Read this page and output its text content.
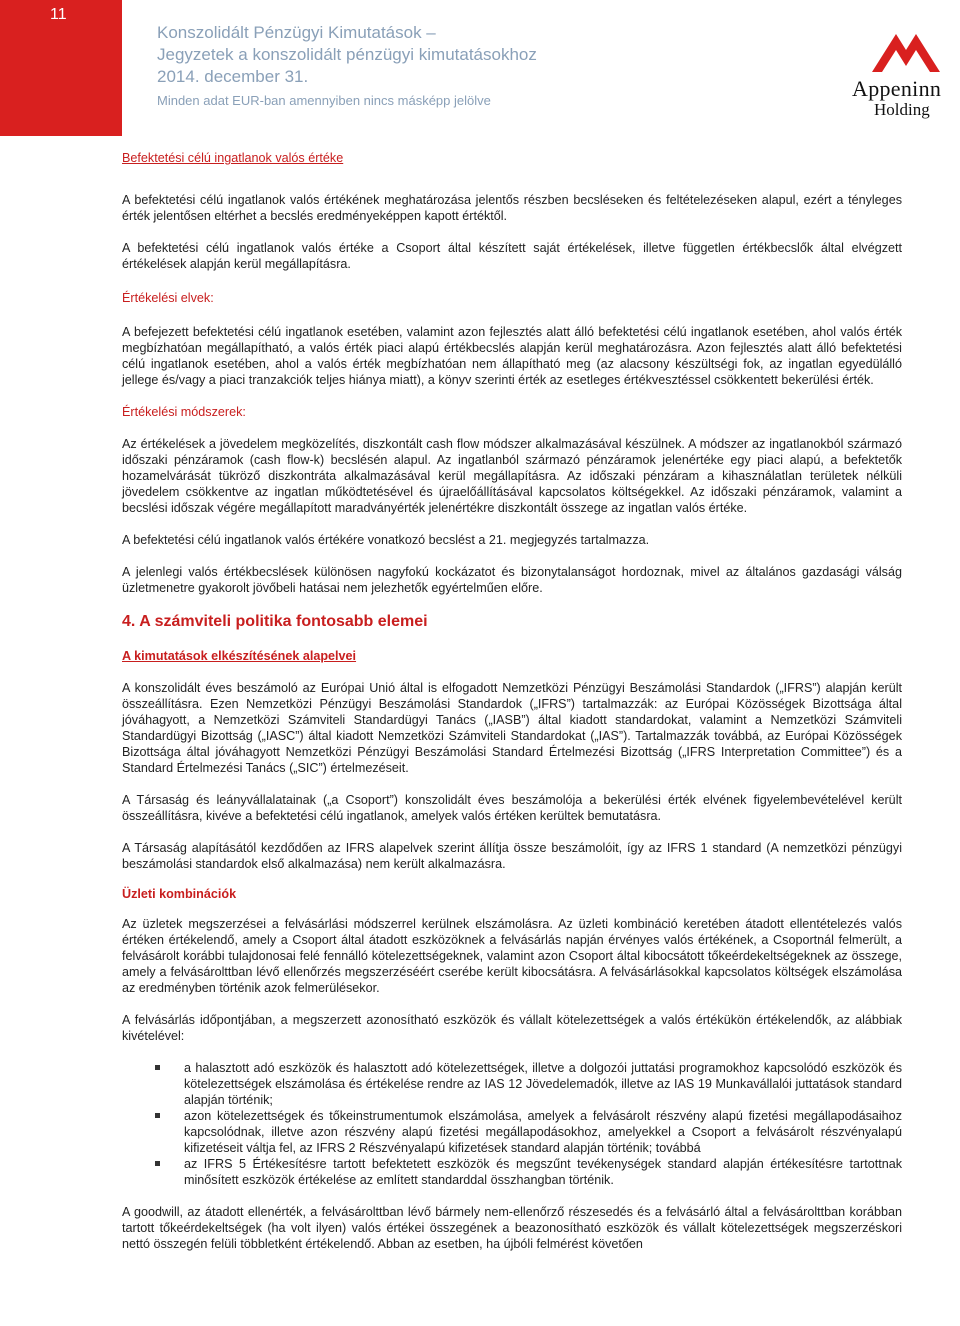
11
Konszolidált Pénzügyi Kimutatások –
Jegyzetek a konszolidált pénzügyi kimutatásokhoz
2014. december 31.
Minden adat EUR-ban amennyiben nincs másképp jelölve	Appeninn
Holding

Befektetési célú ingatlanok valós értéke

A befektetési célú ingatlanok valós értékének meghatározása jelentős részben becsléseken és feltételezéseken alapul, ezért a tényleges érték jelentősen eltérhet a becslés eredményeképpen kapott értéktől.

A befektetési célú ingatlanok valós értéke a Csoport által készített saját értékelések, illetve független értékbecslők által elvégzett értékelések alapján kerül megállapításra.

Értékelési elvek:

A befejezett befektetési célú ingatlanok esetében, valamint azon fejlesztés alatt álló befektetési célú ingatlanok esetében, ahol valós érték megbízhatóan megállapítható, a valós érték piaci alapú értékbecslés alapján kerül meghatározásra. Azon fejlesztés alatt álló befektetési célú ingatlanok esetében, ahol a valós érték megbízhatóan nem állapítható meg (az alacsony készültségi fok, az ingatlan egyedülálló jellege és/vagy a piaci tranzakciók teljes hiánya miatt), a könyv szerinti érték az esetleges értékvesztéssel csökkentett bekerülési érték.

Értékelési módszerek:

Az értékelések a jövedelem megközelítés, diszkontált cash flow módszer alkalmazásával készülnek. A módszer az ingatlanokból származó időszaki pénzáramok (cash flow-k) becslésén alapul. Az ingatlanból származó pénzáramok jelenértéke egy piaci alapú, a befektetők hozamelvárását tükröző diszkontráta alkalmazásával kerül megállapításra. Az időszaki pénzáram a kihasználatlan területek nélküli jövedelem csökkentve az ingatlan működtetésével és újraelőállításával kapcsolatos költségekkel. Az időszaki pénzáramok, valamint a becslési időszak végére megállapított maradványérték jelenértékre diszkontált összege az ingatlan valós értéke.

A befektetési célú ingatlanok valós értékére vonatkozó becslést a 21. megjegyzés tartalmazza.

A jelenlegi valós értékbecslések különösen nagyfokú kockázatot és bizonytalanságot hordoznak, mivel az általános gazdasági válság üzletmenetre gyakorolt jövőbeli hatásai nem jelezhetők egyértelműen előre.

4. A számviteli politika fontosabb elemei

A kimutatások elkészítésének alapelvei

A konszolidált éves beszámoló az Európai Unió által is elfogadott Nemzetközi Pénzügyi Beszámolási Standardok („IFRS”) alapján került összeállításra. Ezen Nemzetközi Pénzügyi Beszámolási Standardok („IFRS”) tartalmazzák: az Európai Közösségek Bizottsága által jóváhagyott, a Nemzetközi Számviteli Standardügyi Tanács („IASB”) által kiadott standardokat, valamint a Nemzetközi Számviteli Standardügyi Bizottság („IASC”) által kiadott Nemzetközi Számviteli Standardokat („IAS”). Tartalmazzák továbbá, az Európai Közösségek Bizottsága által jóváhagyott Nemzetközi Pénzügyi Beszámolási Standard Értelmezési Bizottság („IFRS Interpretation Committee”) és a Standard Értelmezési Tanács („SIC”) értelmezéseit.

A Társaság és leányvállalatainak („a Csoport”) konszolidált éves beszámolója a bekerülési érték elvének figyelembevételével került összeállításra, kivéve a befektetési célú ingatlanok, amelyek valós értéken kerültek bemutatásra.

A Társaság alapításától kezdődően az IFRS alapelvek szerint állítja össze beszámolóit, így az IFRS 1 standard (A nemzetközi pénzügyi beszámolási standardok első alkalmazása) nem került alkalmazásra.

Üzleti kombinációk

Az üzletek megszerzései a felvásárlási módszerrel kerülnek elszámolásra. Az üzleti kombináció keretében átadott ellentételezés valós értéken értékelendő, amely a Csoport által átadott eszközöknek a felvásárlás napján érvényes valós értékének, a Csoportnál felmerült, a felvásárolt korábbi tulajdonosai felé fennálló kötelezettségeknek, valamint azon Csoport által kibocsátott tőkeérdekeltségeknek az összege, amely a felvásárolttban lévő ellenőrzés megszerzéséért cserébe került kibocsátásra. A felvásárlásokkal kapcsolatos költségek elszámolása az eredményben történik azok felmerülésekor.

A felvásárlás időpontjában, a megszerzett azonosítható eszközök és vállalt kötelezettségek a valós értékükön értékelendők, az alábbiak kivételével:

a halasztott adó eszközök és halasztott adó kötelezettségek, illetve a dolgozói juttatási programokhoz kapcsolódó eszközök és kötelezettségek elszámolása és értékelése rendre az IAS 12 Jövedelemadók, illetve az IAS 19 Munkavállalói juttatások standard alapján történik;
azon kötelezettségek és tőkeinstrumentumok elszámolása, amelyek a felvásárolt részvény alapú fizetési megállapodásaihoz kapcsolódnak, illetve azon részvény alapú fizetési megállapodásokhoz, amelyekkel a Csoport a felvásárolt részvényalapú kifizetéseit váltja fel, az IFRS 2 Részvényalapú kifizetések standard alapján történik; továbbá
az IFRS 5 Értékesítésre tartott befektetett eszközök és megszűnt tevékenységek standard alapján értékesítésre tartottnak minősített eszközök értékelése az említett standarddal összhangban történik.

A goodwill, az átadott ellenérték, a felvásárolttban lévő bármely nem-ellenőrző részesedés és a felvásárló által a felvásárolttban korábban tartott tőkeérdekeltségek (ha volt ilyen) valós értékei összegének a beazonosítható eszközök és vállalt kötelezettségek megszerzéskori nettó összegén felüli többletként értékelendő. Abban az esetben, ha újbóli felmérést követően
